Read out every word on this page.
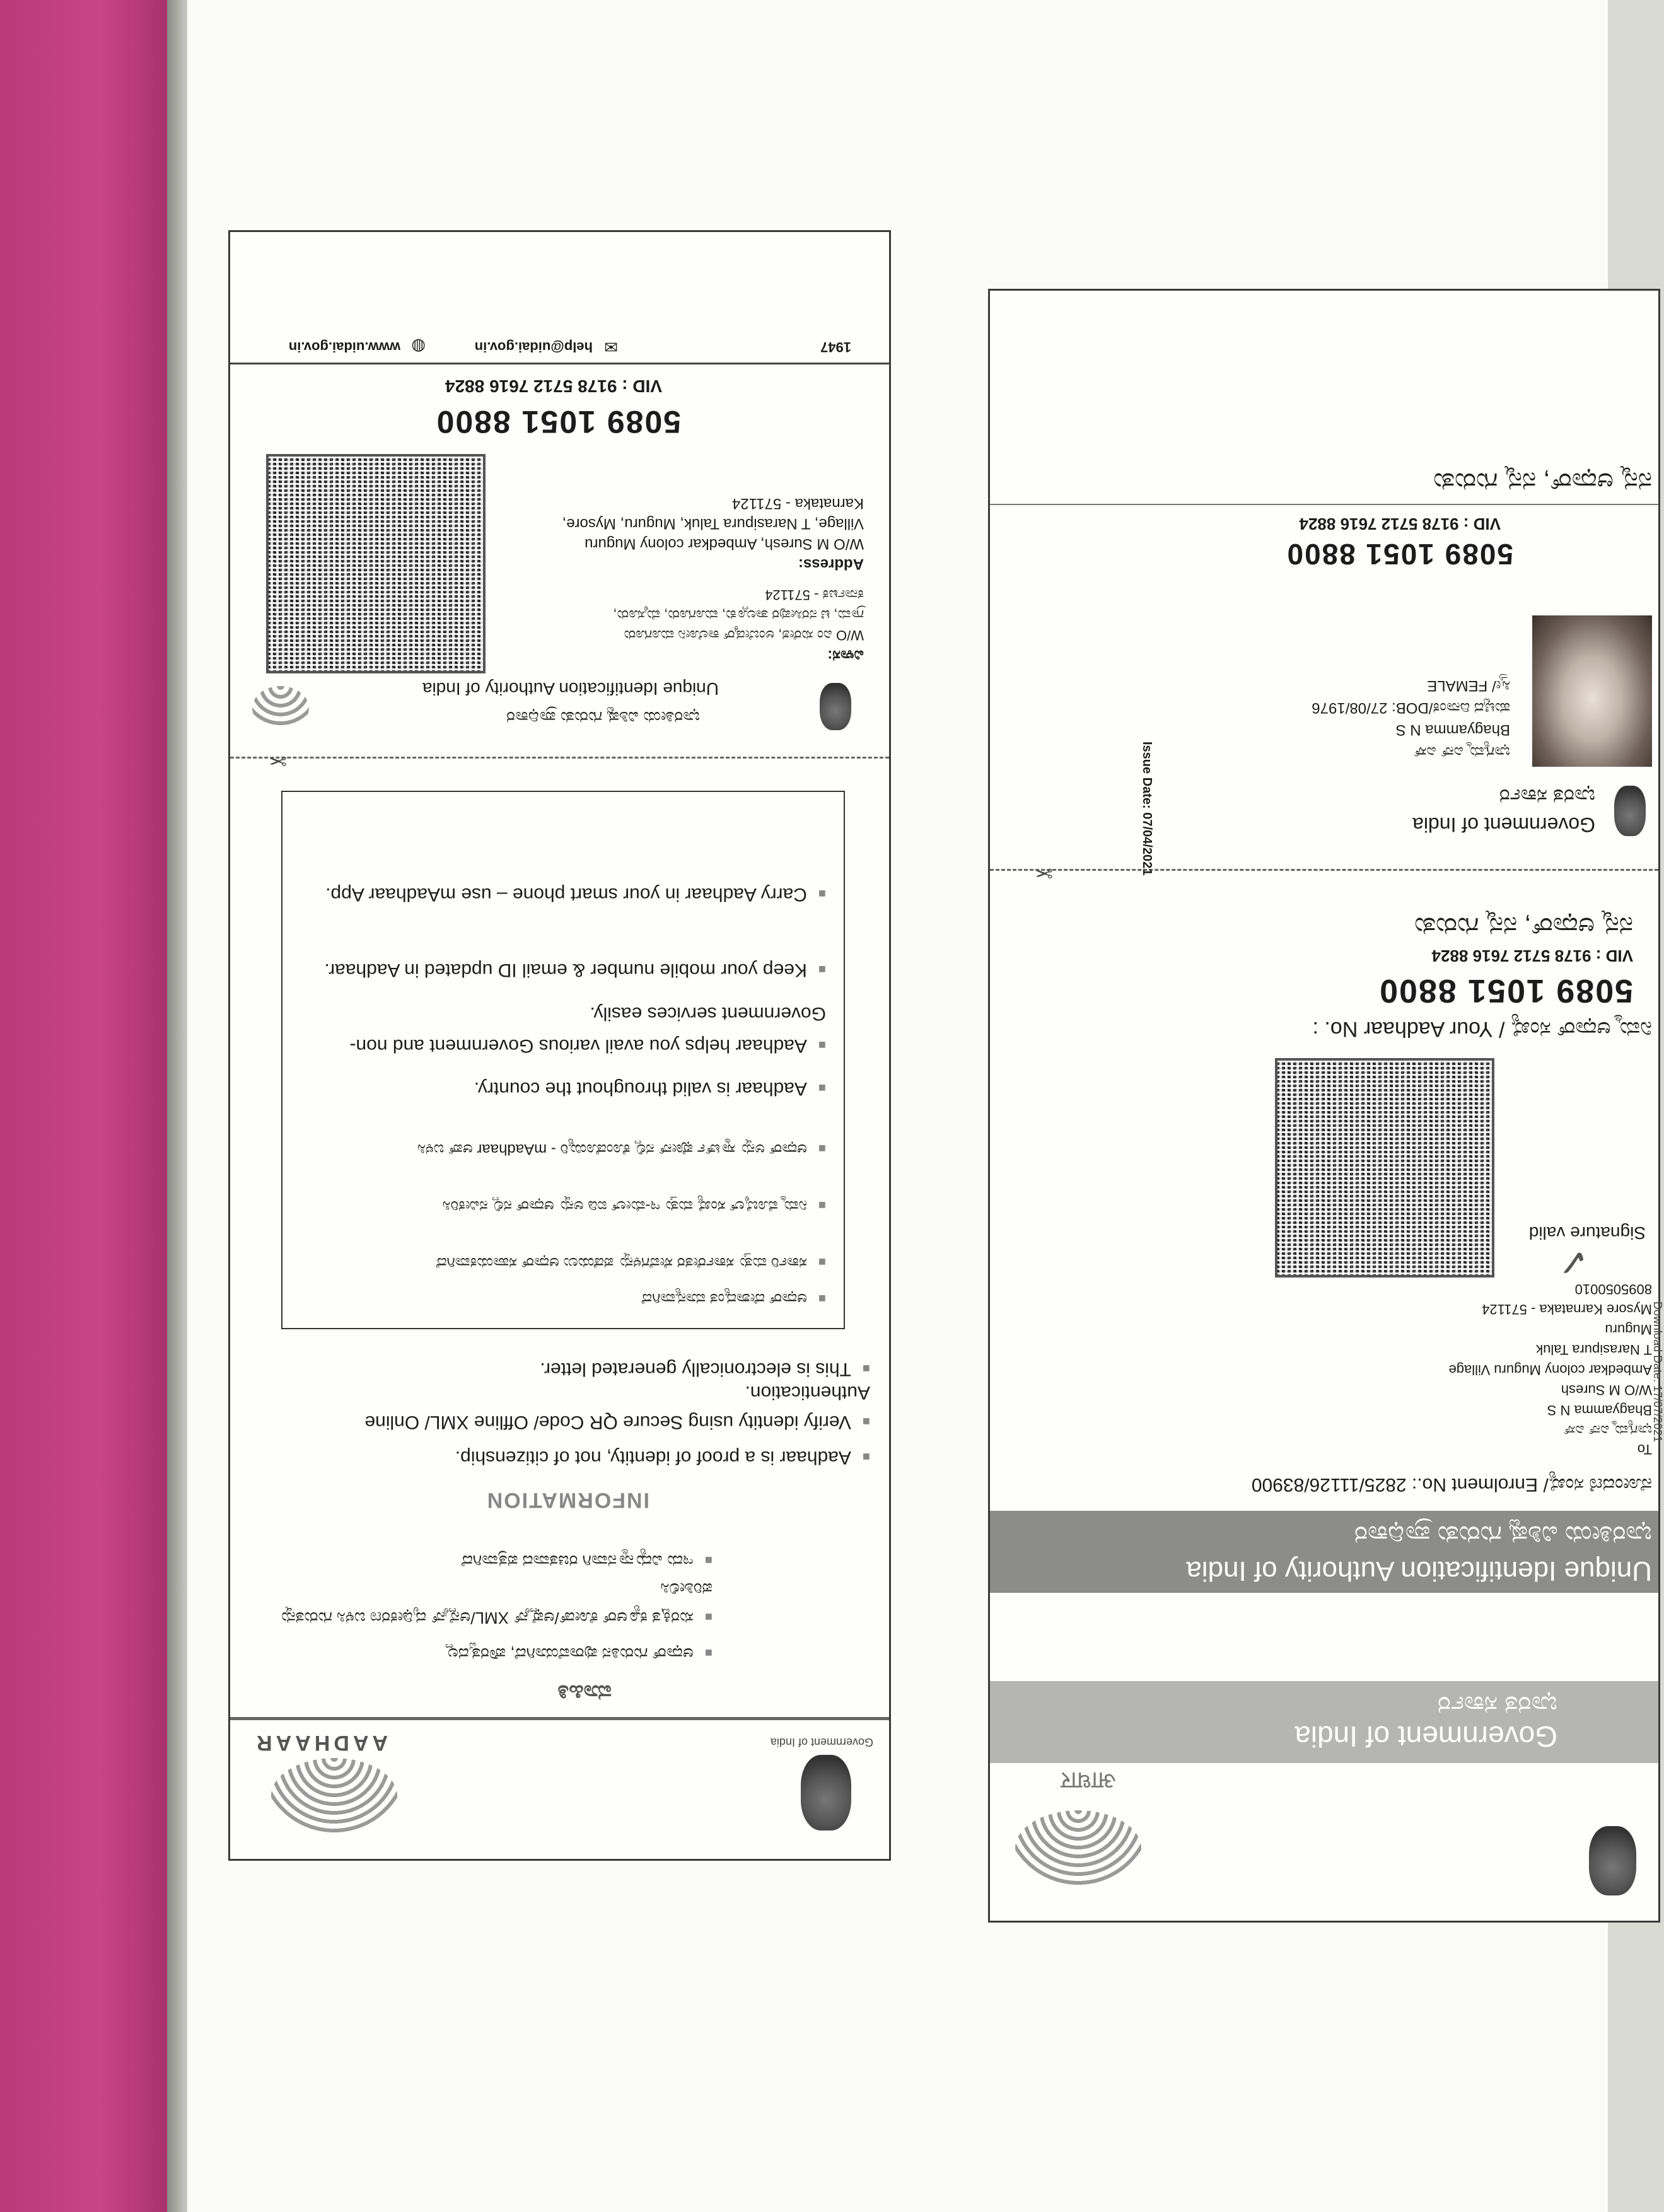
Government of India
AADHAAR
ಮಾಹಿತಿ
■ ಆಧಾರ್ ಗುರುತಿನ ಪುರಾವೆಯಾಗಿದೆ, ಪೌರತ್ವದಲ್ಲ
■ ಸುರಕ್ಷಿತ ಕ್ಯೂಆರ್ ಕೋಡ್/ಆಫ್ಲೈನ್ XML/ಆನ್ಲೈನ್ ದೃಢೀಕರಣ ಬಳಸಿ ಗುರುತನ್ನು ಪರಿಶೀಲಿಸಿ
■ ಇದು ವಿದ್ಯುನ್ಮಾನವಾಗಿ ರಚಿತವಾದ ಪತ್ರವಾಗಿದೆ
INFORMATION
■ Aadhaar is a proof of identity, not of citizenship.
■ Verify identity using Secure QR Code/ Offline XML/ Online Authentication.
■ This is electronically generated letter.
■ ಆಧಾರ್ ದೇಶಾದ್ಯಂತ ಮಾನ್ಯವಾಗಿದೆ
■ ಸರ್ಕಾರಿ ಮತ್ತು ಸರ್ಕಾರೇತರ ಸೇವೆಗಳನ್ನು ಪಡೆಯಲು ಆಧಾರ್ ಸಹಾಯಕವಾಗಿದೆ
■ ನಿಮ್ಮ ಮೊಬೈಲ್ ಸಂಖ್ಯೆ ಮತ್ತು ಇ-ಮೇಲ್ ಐಡಿ ಅನ್ನು ಆಧಾರ್ ನಲ್ಲಿ ನವೀಕರಿಸಿ
■ ಆಧಾರ್ ಅನ್ನು ಸ್ಮಾರ್ಟ್ ಫೋನ್ ನಲ್ಲಿ ಕೊಂಡೊಯ್ಯಿರಿ - mAadhaar ಆಪ್ ಬಳಸಿ
■ Aadhaar is valid throughout the country.
■ Aadhaar helps you avail various Government and non-Government services easily.
■ Keep your mobile number & email ID updated in Aadhaar.
■ Carry Aadhaar in your smart phone – use mAadhaar App.
✂
ಭಾರತೀಯ ವಿಶಿಷ್ಟ ಗುರುತು ಪ್ರಾಧಿಕಾರ
Unique Identification Authority of India
ವಿಳಾಸ:
W/O ಎಂ ಸುರೇಶ, ಅಂಬೇಡ್ಕರ್ ಕಾಲೋನಿ ಮೂಗೂರು
ಗ್ರಾಮ, ಟಿ ನರಸೀಪುರ ತಾಲ್ಲೂಕು, ಮೂಗೂರು, ಮೈಸೂರು,
ಕರ್ನಾಟಕ - 571124
Address:
W/O M Suresh, Ambedkar colony Muguru
Village, T Narasipura Taluk, Muguru, Mysore,
Karnataka - 571124
5089 1051 8800
VID : 9178 5712 7616 8824
1947
✉
help@uidai.gov.in
◍
www.uidai.gov.in
आधार
Government of India
ಭಾರತ ಸರ್ಕಾರ
Unique Identification Authority of India
ಭಾರತೀಯ ವಿಶಿಷ್ಟ ಗುರುತು ಪ್ರಾಧಿಕಾರ
ನೋಂದಣಿ ಸಂಖ್ಯೆ/ Enrolment No.: 2825/11126/83900
To
ಭಾಗ್ಯಮ್ಮ ಎನ್ ಎಸ್
Bhagyamma N S
W/O M Suresh
Ambedkar colony Muguru Village
T Narasipura Taluk
Muguru
Mysore Karnataka - 571124
8095050010
Download Date: 17/07/2021
Signature valid
✓
ನಿಮ್ಮ ಆಧಾರ್ ಸಂಖ್ಯೆ / Your Aadhaar No. :
5089 1051 8800
VID : 9178 5712 7616 8824
ನನ್ನ ಆಧಾರ್, ನನ್ನ ಗುರುತು
✂
Government of India
ಭಾರತ ಸರ್ಕಾರ
ಭಾಗ್ಯಮ್ಮ ಎನ್ ಎಸ್
Bhagyamma N S
ಹುಟ್ಟಿದ ದಿನಾಂಕ/DOB: 27/08/1976
ಸ್ತ್ರೀ/ FEMALE
Issue Date: 07/04/2021
5089 1051 8800
VID : 9178 5712 7616 8824
ನನ್ನ ಆಧಾರ್, ನನ್ನ ಗುರುತು
